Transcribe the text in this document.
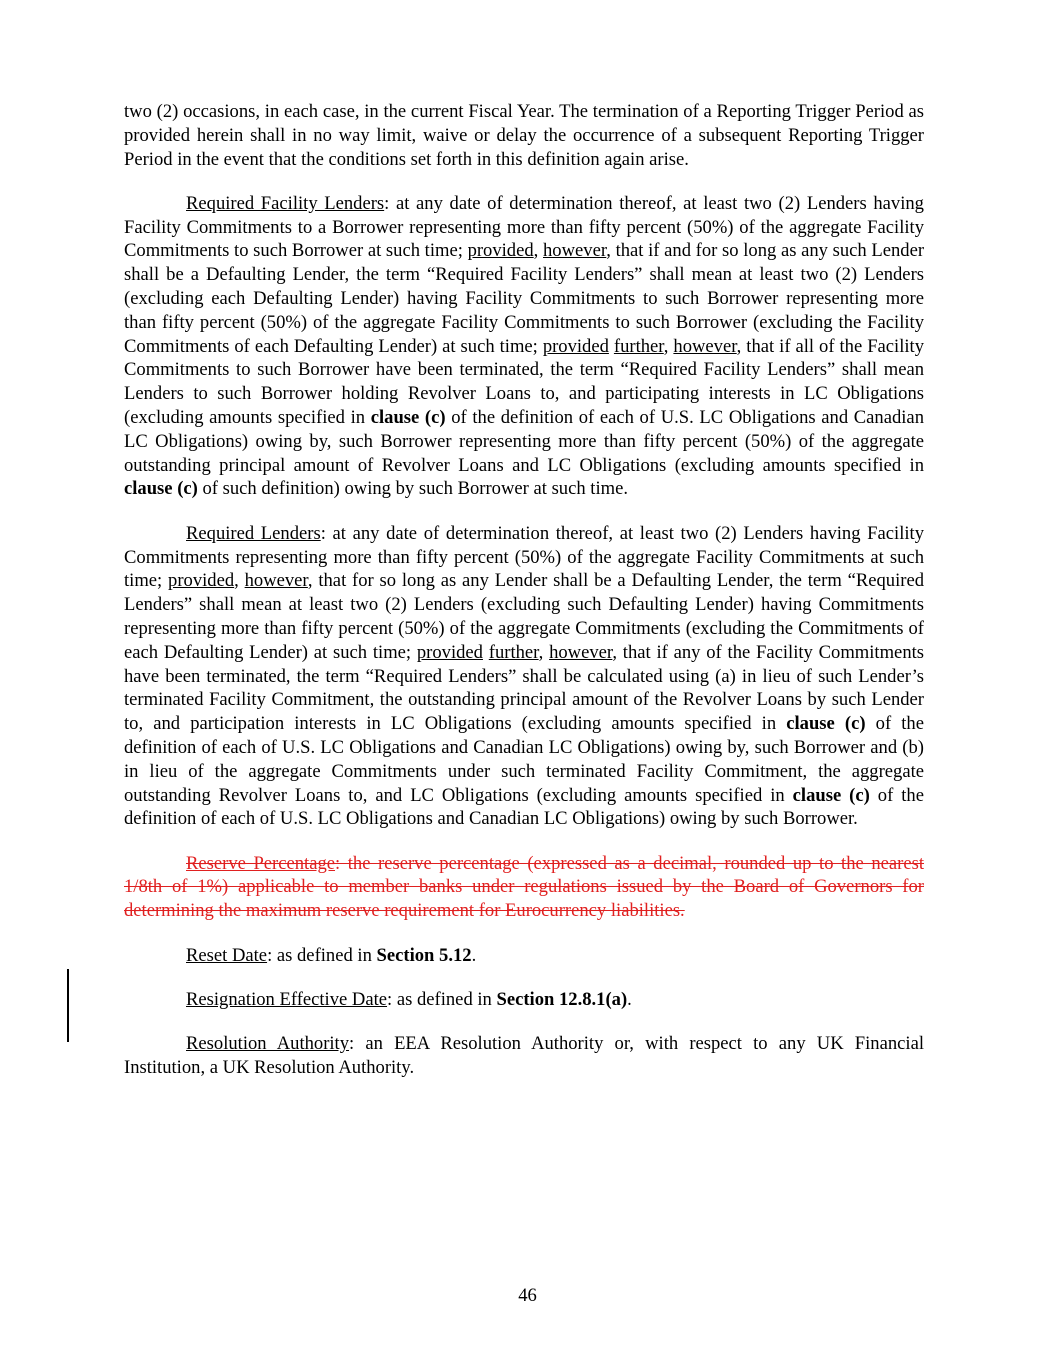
two (2) occasions, in each case, in the current Fiscal Year. The termination of a Reporting Trigger Period as provided herein shall in no way limit, waive or delay the occurrence of a subsequent Reporting Trigger Period in the event that the conditions set forth in this definition again arise.

Required Facility Lenders: at any date of determination thereof, at least two (2) Lenders having Facility Commitments to a Borrower representing more than fifty percent (50%) of the aggregate Facility Commitments to such Borrower at such time; provided, however, that if and for so long as any such Lender shall be a Defaulting Lender, the term “Required Facility Lenders” shall mean at least two (2) Lenders (excluding each Defaulting Lender) having Facility Commitments to such Borrower representing more than fifty percent (50%) of the aggregate Facility Commitments to such Borrower (excluding the Facility Commitments of each Defaulting Lender) at such time; provided further, however, that if all of the Facility Commitments to such Borrower have been terminated, the term “Required Facility Lenders” shall mean Lenders to such Borrower holding Revolver Loans to, and participating interests in LC Obligations (excluding amounts specified in clause (c) of the definition of each of U.S. LC Obligations and Canadian LC Obligations) owing by, such Borrower representing more than fifty percent (50%) of the aggregate outstanding principal amount of Revolver Loans and LC Obligations (excluding amounts specified in clause (c) of such definition) owing by such Borrower at such time.

Required Lenders: at any date of determination thereof, at least two (2) Lenders having Facility Commitments representing more than fifty percent (50%) of the aggregate Facility Commitments at such time; provided, however, that for so long as any Lender shall be a Defaulting Lender, the term “Required Lenders” shall mean at least two (2) Lenders (excluding such Defaulting Lender) having Commitments representing more than fifty percent (50%) of the aggregate Commitments (excluding the Commitments of each Defaulting Lender) at such time; provided further, however, that if any of the Facility Commitments have been terminated, the term “Required Lenders” shall be calculated using (a) in lieu of such Lender’s terminated Facility Commitment, the outstanding principal amount of the Revolver Loans by such Lender to, and participation interests in LC Obligations (excluding amounts specified in clause (c) of the definition of each of U.S. LC Obligations and Canadian LC Obligations) owing by, such Borrower and (b) in lieu of the aggregate Commitments under such terminated Facility Commitment, the aggregate outstanding Revolver Loans to, and LC Obligations (excluding amounts specified in clause (c) of the definition of each of U.S. LC Obligations and Canadian LC Obligations) owing by such Borrower.

Reserve Percentage: the reserve percentage (expressed as a decimal, rounded up to the nearest 1/8th of 1%) applicable to member banks under regulations issued by the Board of Governors for determining the maximum reserve requirement for Eurocurrency liabilities.

Reset Date: as defined in Section 5.12.

Resignation Effective Date: as defined in Section 12.8.1(a).

Resolution Authority: an EEA Resolution Authority or, with respect to any UK Financial Institution, a UK Resolution Authority.

46
